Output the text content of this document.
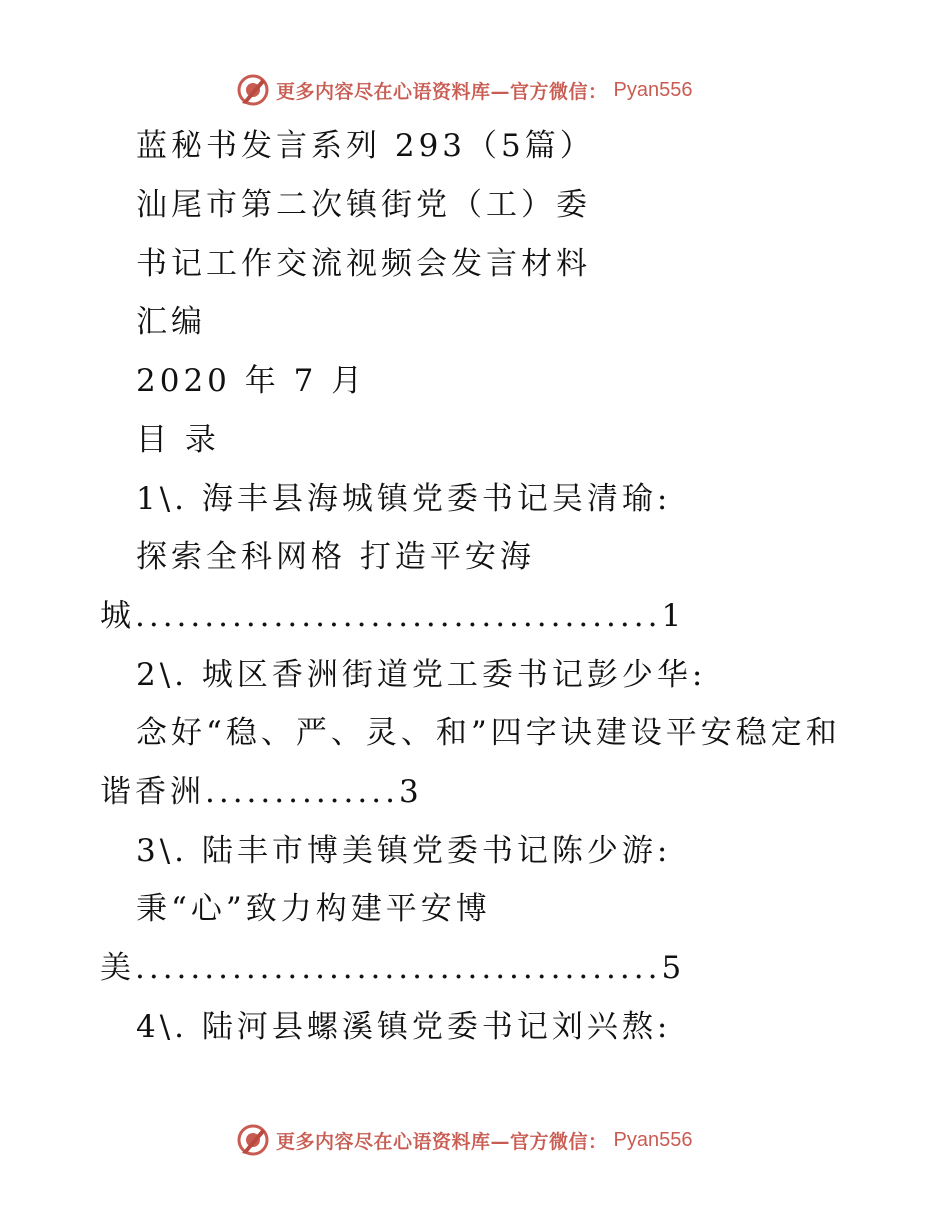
更多内容尽在心语资料库—官方微信： Pyan556
蓝秘书发言系列 293（5篇）
汕尾市第二次镇街党（工）委
书记工作交流视频会发言材料
汇编
2020 年 7 月
目 录
1\. 海丰县海城镇党委书记吴清瑜:
探索全科网格 打造平安海
城......................................1
2\. 城区香洲街道党工委书记彭少华:
念好“稳、严、灵、和”四字诀建设平安稳定和
谐香洲..............3
3\. 陆丰市博美镇党委书记陈少游:
秉“心”致力构建平安博
美......................................5
4\. 陆河县螺溪镇党委书记刘兴熬:
更多内容尽在心语资料库—官方微信： Pyan556
